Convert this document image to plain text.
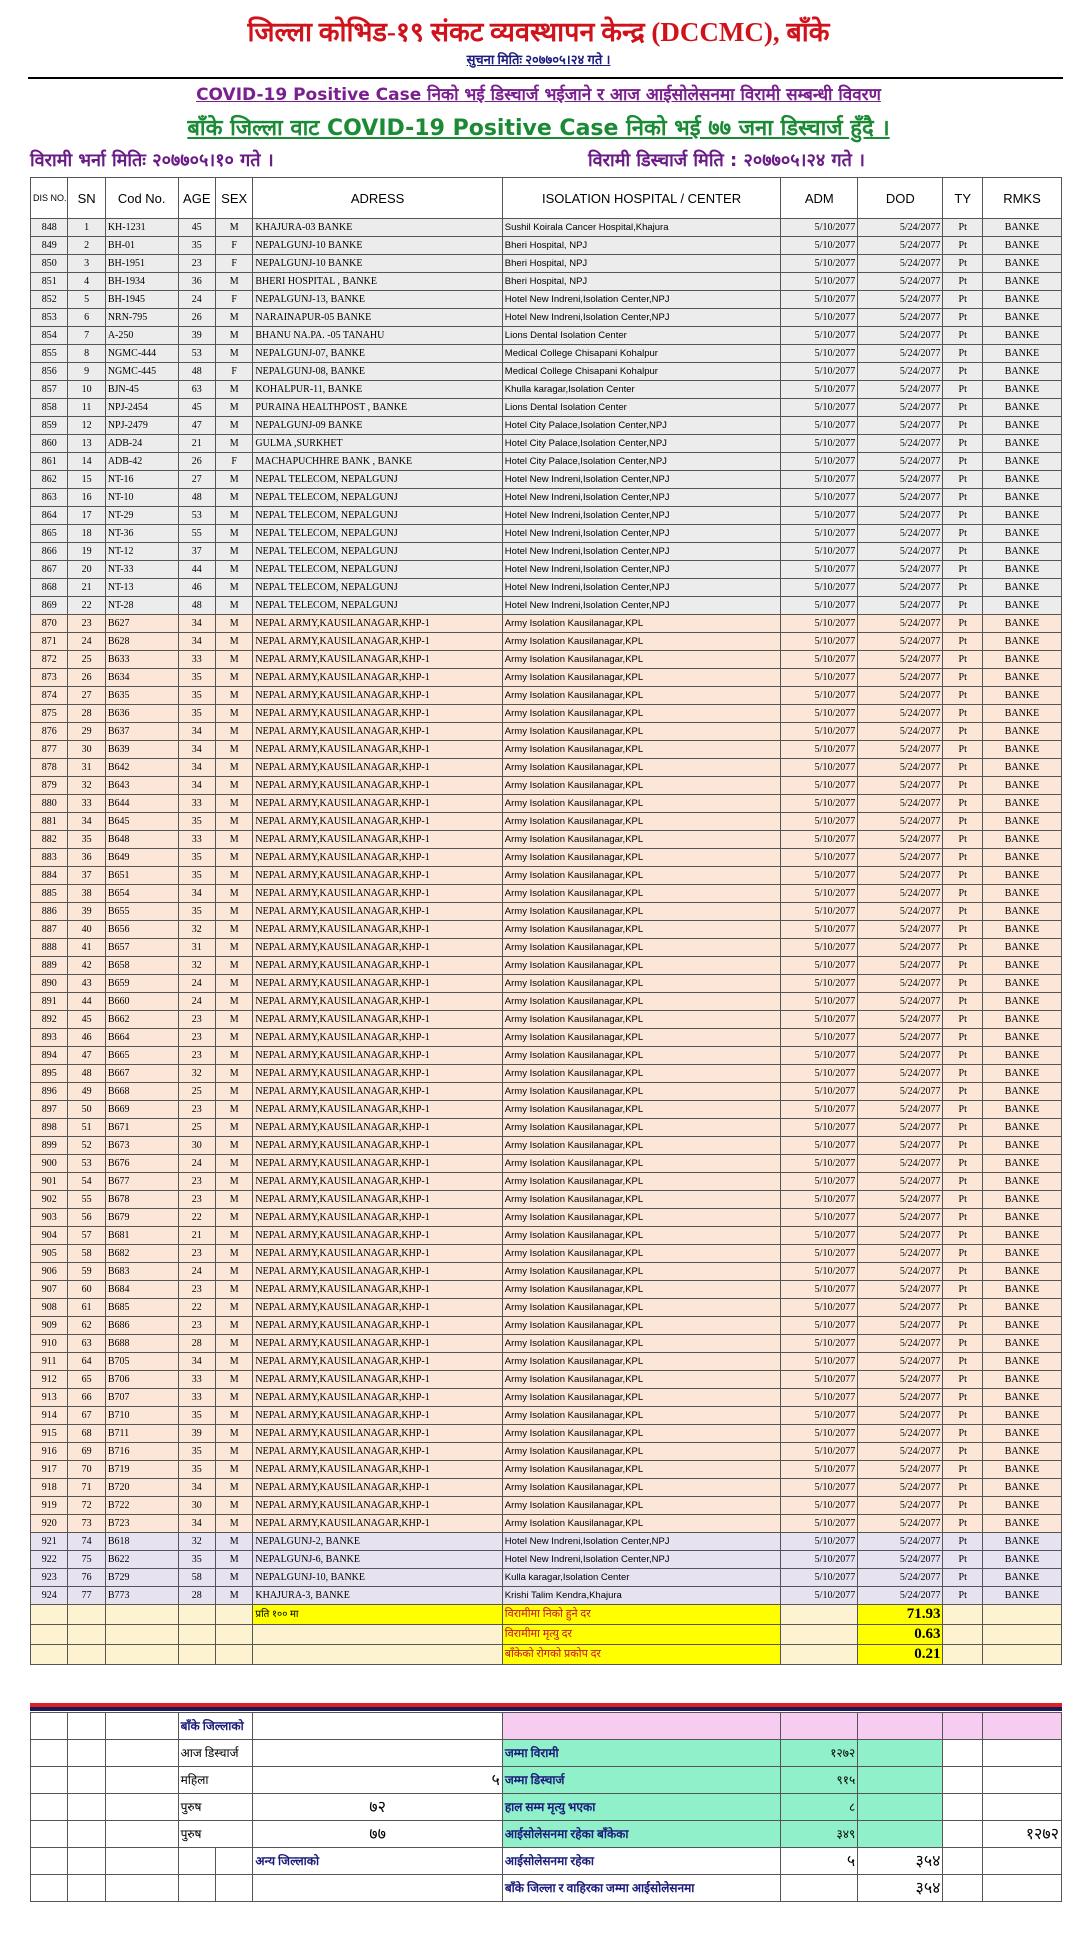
जिल्ला कोभिड-१९ संकट व्यवस्थापन केन्द्र (DCCMC), बाँके
सुचना मितिः २०७७०५।२४ गते ।
COVID-19 Positive Case निको भई डिस्चार्ज भईजाने र आज आईसोलेसनमा विरामी सम्बन्धी विवरण
बाँके जिल्ला वाट COVID-19 Positive Case निको भई ७७ जना डिस्चार्ज हुँदै ।
विरामी भर्ना मितिः २०७७०५।१० गते ।	विरामी डिस्चार्ज मिति : २०७७०५।२४ गते ।
DIS NO.	SN	Cod No.	AGE	SEX	ADRESS	ISOLATION HOSPITAL / CENTER	ADM	DOD	TY	RMKS
848	1	KH-1231	45	M	KHAJURA-03 BANKE	Sushil Koirala Cancer Hospital,Khajura	5/10/2077	5/24/2077	Pt	BANKE
849	2	BH-01	35	F	NEPALGUNJ-10 BANKE	Bheri Hospital, NPJ	5/10/2077	5/24/2077	Pt	BANKE
850	3	BH-1951	23	F	NEPALGUNJ-10 BANKE	Bheri Hospital, NPJ	5/10/2077	5/24/2077	Pt	BANKE
851	4	BH-1934	36	M	BHERI HOSPITAL , BANKE	Bheri Hospital, NPJ	5/10/2077	5/24/2077	Pt	BANKE
852	5	BH-1945	24	F	NEPALGUNJ-13, BANKE	Hotel New Indreni,Isolation Center,NPJ	5/10/2077	5/24/2077	Pt	BANKE
853	6	NRN-795	26	M	NARAINAPUR-05 BANKE	Hotel New Indreni,Isolation Center,NPJ	5/10/2077	5/24/2077	Pt	BANKE
854	7	A-250	39	M	BHANU NA.PA. -05 TANAHU	Lions Dental Isolation Center	5/10/2077	5/24/2077	Pt	BANKE
855	8	NGMC-444	53	M	NEPALGUNJ-07, BANKE	Medical College Chisapani Kohalpur	5/10/2077	5/24/2077	Pt	BANKE
856	9	NGMC-445	48	F	NEPALGUNJ-08, BANKE	Medical College Chisapani Kohalpur	5/10/2077	5/24/2077	Pt	BANKE
857	10	BJN-45	63	M	KOHALPUR-11, BANKE	Khulla karagar,Isolation Center	5/10/2077	5/24/2077	Pt	BANKE
858	11	NPJ-2454	45	M	PURAINA HEALTHPOST , BANKE	Lions Dental Isolation Center	5/10/2077	5/24/2077	Pt	BANKE
859	12	NPJ-2479	47	M	NEPALGUNJ-09 BANKE	Hotel City Palace,Isolation Center,NPJ	5/10/2077	5/24/2077	Pt	BANKE
860	13	ADB-24	21	M	GULMA ,SURKHET	Hotel City Palace,Isolation Center,NPJ	5/10/2077	5/24/2077	Pt	BANKE
861	14	ADB-42	26	F	MACHAPUCHHRE BANK , BANKE	Hotel City Palace,Isolation Center,NPJ	5/10/2077	5/24/2077	Pt	BANKE
862	15	NT-16	27	M	NEPAL TELECOM, NEPALGUNJ	Hotel New Indreni,Isolation Center,NPJ	5/10/2077	5/24/2077	Pt	BANKE
863	16	NT-10	48	M	NEPAL TELECOM, NEPALGUNJ	Hotel New Indreni,Isolation Center,NPJ	5/10/2077	5/24/2077	Pt	BANKE
864	17	NT-29	53	M	NEPAL TELECOM, NEPALGUNJ	Hotel New Indreni,Isolation Center,NPJ	5/10/2077	5/24/2077	Pt	BANKE
865	18	NT-36	55	M	NEPAL TELECOM, NEPALGUNJ	Hotel New Indreni,Isolation Center,NPJ	5/10/2077	5/24/2077	Pt	BANKE
866	19	NT-12	37	M	NEPAL TELECOM, NEPALGUNJ	Hotel New Indreni,Isolation Center,NPJ	5/10/2077	5/24/2077	Pt	BANKE
867	20	NT-33	44	M	NEPAL TELECOM, NEPALGUNJ	Hotel New Indreni,Isolation Center,NPJ	5/10/2077	5/24/2077	Pt	BANKE
868	21	NT-13	46	M	NEPAL TELECOM, NEPALGUNJ	Hotel New Indreni,Isolation Center,NPJ	5/10/2077	5/24/2077	Pt	BANKE
869	22	NT-28	48	M	NEPAL TELECOM, NEPALGUNJ	Hotel New Indreni,Isolation Center,NPJ	5/10/2077	5/24/2077	Pt	BANKE
870	23	B627	34	M	NEPAL ARMY,KAUSILANAGAR,KHP-1	Army Isolation Kausilanagar,KPL	5/10/2077	5/24/2077	Pt	BANKE
871	24	B628	34	M	NEPAL ARMY,KAUSILANAGAR,KHP-1	Army Isolation Kausilanagar,KPL	5/10/2077	5/24/2077	Pt	BANKE
872	25	B633	33	M	NEPAL ARMY,KAUSILANAGAR,KHP-1	Army Isolation Kausilanagar,KPL	5/10/2077	5/24/2077	Pt	BANKE
873	26	B634	35	M	NEPAL ARMY,KAUSILANAGAR,KHP-1	Army Isolation Kausilanagar,KPL	5/10/2077	5/24/2077	Pt	BANKE
874	27	B635	35	M	NEPAL ARMY,KAUSILANAGAR,KHP-1	Army Isolation Kausilanagar,KPL	5/10/2077	5/24/2077	Pt	BANKE
875	28	B636	35	M	NEPAL ARMY,KAUSILANAGAR,KHP-1	Army Isolation Kausilanagar,KPL	5/10/2077	5/24/2077	Pt	BANKE
876	29	B637	34	M	NEPAL ARMY,KAUSILANAGAR,KHP-1	Army Isolation Kausilanagar,KPL	5/10/2077	5/24/2077	Pt	BANKE
877	30	B639	34	M	NEPAL ARMY,KAUSILANAGAR,KHP-1	Army Isolation Kausilanagar,KPL	5/10/2077	5/24/2077	Pt	BANKE
878	31	B642	34	M	NEPAL ARMY,KAUSILANAGAR,KHP-1	Army Isolation Kausilanagar,KPL	5/10/2077	5/24/2077	Pt	BANKE
879	32	B643	34	M	NEPAL ARMY,KAUSILANAGAR,KHP-1	Army Isolation Kausilanagar,KPL	5/10/2077	5/24/2077	Pt	BANKE
880	33	B644	33	M	NEPAL ARMY,KAUSILANAGAR,KHP-1	Army Isolation Kausilanagar,KPL	5/10/2077	5/24/2077	Pt	BANKE
881	34	B645	35	M	NEPAL ARMY,KAUSILANAGAR,KHP-1	Army Isolation Kausilanagar,KPL	5/10/2077	5/24/2077	Pt	BANKE
882	35	B648	33	M	NEPAL ARMY,KAUSILANAGAR,KHP-1	Army Isolation Kausilanagar,KPL	5/10/2077	5/24/2077	Pt	BANKE
883	36	B649	35	M	NEPAL ARMY,KAUSILANAGAR,KHP-1	Army Isolation Kausilanagar,KPL	5/10/2077	5/24/2077	Pt	BANKE
884	37	B651	35	M	NEPAL ARMY,KAUSILANAGAR,KHP-1	Army Isolation Kausilanagar,KPL	5/10/2077	5/24/2077	Pt	BANKE
885	38	B654	34	M	NEPAL ARMY,KAUSILANAGAR,KHP-1	Army Isolation Kausilanagar,KPL	5/10/2077	5/24/2077	Pt	BANKE
886	39	B655	35	M	NEPAL ARMY,KAUSILANAGAR,KHP-1	Army Isolation Kausilanagar,KPL	5/10/2077	5/24/2077	Pt	BANKE
887	40	B656	32	M	NEPAL ARMY,KAUSILANAGAR,KHP-1	Army Isolation Kausilanagar,KPL	5/10/2077	5/24/2077	Pt	BANKE
888	41	B657	31	M	NEPAL ARMY,KAUSILANAGAR,KHP-1	Army Isolation Kausilanagar,KPL	5/10/2077	5/24/2077	Pt	BANKE
889	42	B658	32	M	NEPAL ARMY,KAUSILANAGAR,KHP-1	Army Isolation Kausilanagar,KPL	5/10/2077	5/24/2077	Pt	BANKE
890	43	B659	24	M	NEPAL ARMY,KAUSILANAGAR,KHP-1	Army Isolation Kausilanagar,KPL	5/10/2077	5/24/2077	Pt	BANKE
891	44	B660	24	M	NEPAL ARMY,KAUSILANAGAR,KHP-1	Army Isolation Kausilanagar,KPL	5/10/2077	5/24/2077	Pt	BANKE
892	45	B662	23	M	NEPAL ARMY,KAUSILANAGAR,KHP-1	Army Isolation Kausilanagar,KPL	5/10/2077	5/24/2077	Pt	BANKE
893	46	B664	23	M	NEPAL ARMY,KAUSILANAGAR,KHP-1	Army Isolation Kausilanagar,KPL	5/10/2077	5/24/2077	Pt	BANKE
894	47	B665	23	M	NEPAL ARMY,KAUSILANAGAR,KHP-1	Army Isolation Kausilanagar,KPL	5/10/2077	5/24/2077	Pt	BANKE
895	48	B667	32	M	NEPAL ARMY,KAUSILANAGAR,KHP-1	Army Isolation Kausilanagar,KPL	5/10/2077	5/24/2077	Pt	BANKE
896	49	B668	25	M	NEPAL ARMY,KAUSILANAGAR,KHP-1	Army Isolation Kausilanagar,KPL	5/10/2077	5/24/2077	Pt	BANKE
897	50	B669	23	M	NEPAL ARMY,KAUSILANAGAR,KHP-1	Army Isolation Kausilanagar,KPL	5/10/2077	5/24/2077	Pt	BANKE
898	51	B671	25	M	NEPAL ARMY,KAUSILANAGAR,KHP-1	Army Isolation Kausilanagar,KPL	5/10/2077	5/24/2077	Pt	BANKE
899	52	B673	30	M	NEPAL ARMY,KAUSILANAGAR,KHP-1	Army Isolation Kausilanagar,KPL	5/10/2077	5/24/2077	Pt	BANKE
900	53	B676	24	M	NEPAL ARMY,KAUSILANAGAR,KHP-1	Army Isolation Kausilanagar,KPL	5/10/2077	5/24/2077	Pt	BANKE
901	54	B677	23	M	NEPAL ARMY,KAUSILANAGAR,KHP-1	Army Isolation Kausilanagar,KPL	5/10/2077	5/24/2077	Pt	BANKE
902	55	B678	23	M	NEPAL ARMY,KAUSILANAGAR,KHP-1	Army Isolation Kausilanagar,KPL	5/10/2077	5/24/2077	Pt	BANKE
903	56	B679	22	M	NEPAL ARMY,KAUSILANAGAR,KHP-1	Army Isolation Kausilanagar,KPL	5/10/2077	5/24/2077	Pt	BANKE
904	57	B681	21	M	NEPAL ARMY,KAUSILANAGAR,KHP-1	Army Isolation Kausilanagar,KPL	5/10/2077	5/24/2077	Pt	BANKE
905	58	B682	23	M	NEPAL ARMY,KAUSILANAGAR,KHP-1	Army Isolation Kausilanagar,KPL	5/10/2077	5/24/2077	Pt	BANKE
906	59	B683	24	M	NEPAL ARMY,KAUSILANAGAR,KHP-1	Army Isolation Kausilanagar,KPL	5/10/2077	5/24/2077	Pt	BANKE
907	60	B684	23	M	NEPAL ARMY,KAUSILANAGAR,KHP-1	Army Isolation Kausilanagar,KPL	5/10/2077	5/24/2077	Pt	BANKE
908	61	B685	22	M	NEPAL ARMY,KAUSILANAGAR,KHP-1	Army Isolation Kausilanagar,KPL	5/10/2077	5/24/2077	Pt	BANKE
909	62	B686	23	M	NEPAL ARMY,KAUSILANAGAR,KHP-1	Army Isolation Kausilanagar,KPL	5/10/2077	5/24/2077	Pt	BANKE
910	63	B688	28	M	NEPAL ARMY,KAUSILANAGAR,KHP-1	Army Isolation Kausilanagar,KPL	5/10/2077	5/24/2077	Pt	BANKE
911	64	B705	34	M	NEPAL ARMY,KAUSILANAGAR,KHP-1	Army Isolation Kausilanagar,KPL	5/10/2077	5/24/2077	Pt	BANKE
912	65	B706	33	M	NEPAL ARMY,KAUSILANAGAR,KHP-1	Army Isolation Kausilanagar,KPL	5/10/2077	5/24/2077	Pt	BANKE
913	66	B707	33	M	NEPAL ARMY,KAUSILANAGAR,KHP-1	Army Isolation Kausilanagar,KPL	5/10/2077	5/24/2077	Pt	BANKE
914	67	B710	35	M	NEPAL ARMY,KAUSILANAGAR,KHP-1	Army Isolation Kausilanagar,KPL	5/10/2077	5/24/2077	Pt	BANKE
915	68	B711	39	M	NEPAL ARMY,KAUSILANAGAR,KHP-1	Army Isolation Kausilanagar,KPL	5/10/2077	5/24/2077	Pt	BANKE
916	69	B716	35	M	NEPAL ARMY,KAUSILANAGAR,KHP-1	Army Isolation Kausilanagar,KPL	5/10/2077	5/24/2077	Pt	BANKE
917	70	B719	35	M	NEPAL ARMY,KAUSILANAGAR,KHP-1	Army Isolation Kausilanagar,KPL	5/10/2077	5/24/2077	Pt	BANKE
918	71	B720	34	M	NEPAL ARMY,KAUSILANAGAR,KHP-1	Army Isolation Kausilanagar,KPL	5/10/2077	5/24/2077	Pt	BANKE
919	72	B722	30	M	NEPAL ARMY,KAUSILANAGAR,KHP-1	Army Isolation Kausilanagar,KPL	5/10/2077	5/24/2077	Pt	BANKE
920	73	B723	34	M	NEPAL ARMY,KAUSILANAGAR,KHP-1	Army Isolation Kausilanagar,KPL	5/10/2077	5/24/2077	Pt	BANKE
921	74	B618	32	M	NEPALGUNJ-2, BANKE	Hotel New Indreni,Isolation Center,NPJ	5/10/2077	5/24/2077	Pt	BANKE
922	75	B622	35	M	NEPALGUNJ-6, BANKE	Hotel New Indreni,Isolation Center,NPJ	5/10/2077	5/24/2077	Pt	BANKE
923	76	B729	58	M	NEPALGUNJ-10, BANKE	Kulla karagar,Isolation Center	5/10/2077	5/24/2077	Pt	BANKE
924	77	B773	28	M	KHAJURA-3, BANKE	Krishi Talim Kendra,Khajura	5/10/2077	5/24/2077	Pt	BANKE
					प्रति १०० मा	विरामीमा निको हुने दर		71.93		
						विरामीमा मृत्यु दर		0.63		
						बाँकेको रोगको प्रकोप दर		0.21		
			बाँके जिल्लाको							
			आज डिस्चार्ज			जम्मा विरामी	१२७२			
			महिला		५	जम्मा डिस्चार्ज	९१५			
			पुरुष		७२	हाल सम्म मृत्यु भएका	८			
			पुरुष		७७	आईसोलेसनमा रहेका बाँकेका	३४९			१२७२
					अन्य जिल्लाको	आईसोलेसनमा रहेका	५	३५४		
						बाँके जिल्ला र वाहिरका जम्मा आईसोलेसनमा		३५४		
